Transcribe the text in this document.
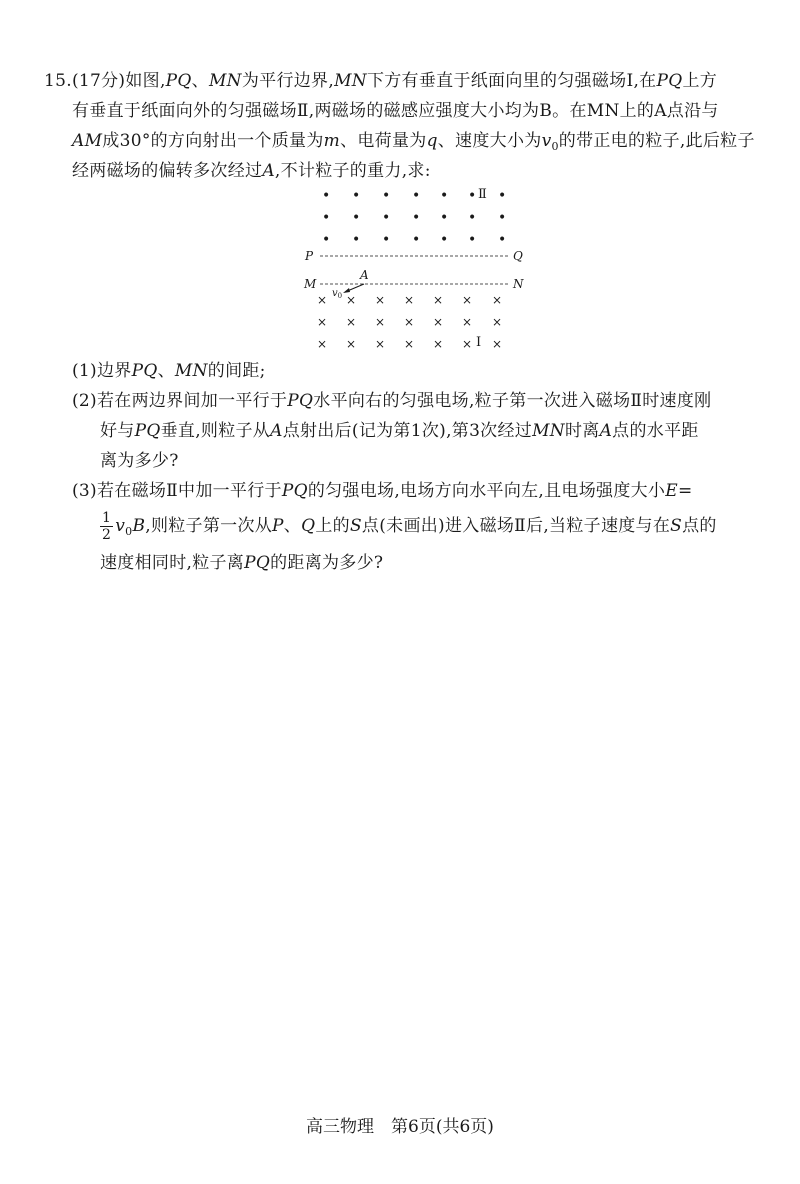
15.(17分)如图,PQ、MN为平行边界,MN下方有垂直于纸面向里的匀强磁场Ⅰ,在PQ上方
有垂直于纸面向外的匀强磁场Ⅱ,两磁场的磁感应强度大小均为B。在MN上的A点沿与
AM成30°的方向射出一个质量为m、电荷量为q、速度大小为$v_0$的带正电的粒子,此后粒子
经两磁场的偏转多次经过A,不计粒子的重力,求:
• • • • • • •
• • • • • • •
• • • • • • •
Ⅱ
P	Q
M	N
A
$v_0$
× × × × × × ×
× × × × × × ×
× × × × × × ×
Ⅰ
(1)边界PQ、MN的间距;
(2)若在两边界间加一平行于PQ水平向右的匀强电场,粒子第一次进入磁场Ⅱ时速度刚
好与PQ垂直,则粒子从A点射出后(记为第1次),第3次经过MN时离A点的水平距
离为多少?
(3)若在磁场Ⅱ中加一平行于PQ的匀强电场,电场方向水平向左,且电场强度大小E=
$\frac{1}{2} v_0B$,则粒子第一次从P、Q上的S点(未画出)进入磁场Ⅱ后,当粒子速度与在S点的
速度相同时,粒子离PQ的距离为多少?
高三物理　第6页(共6页)
